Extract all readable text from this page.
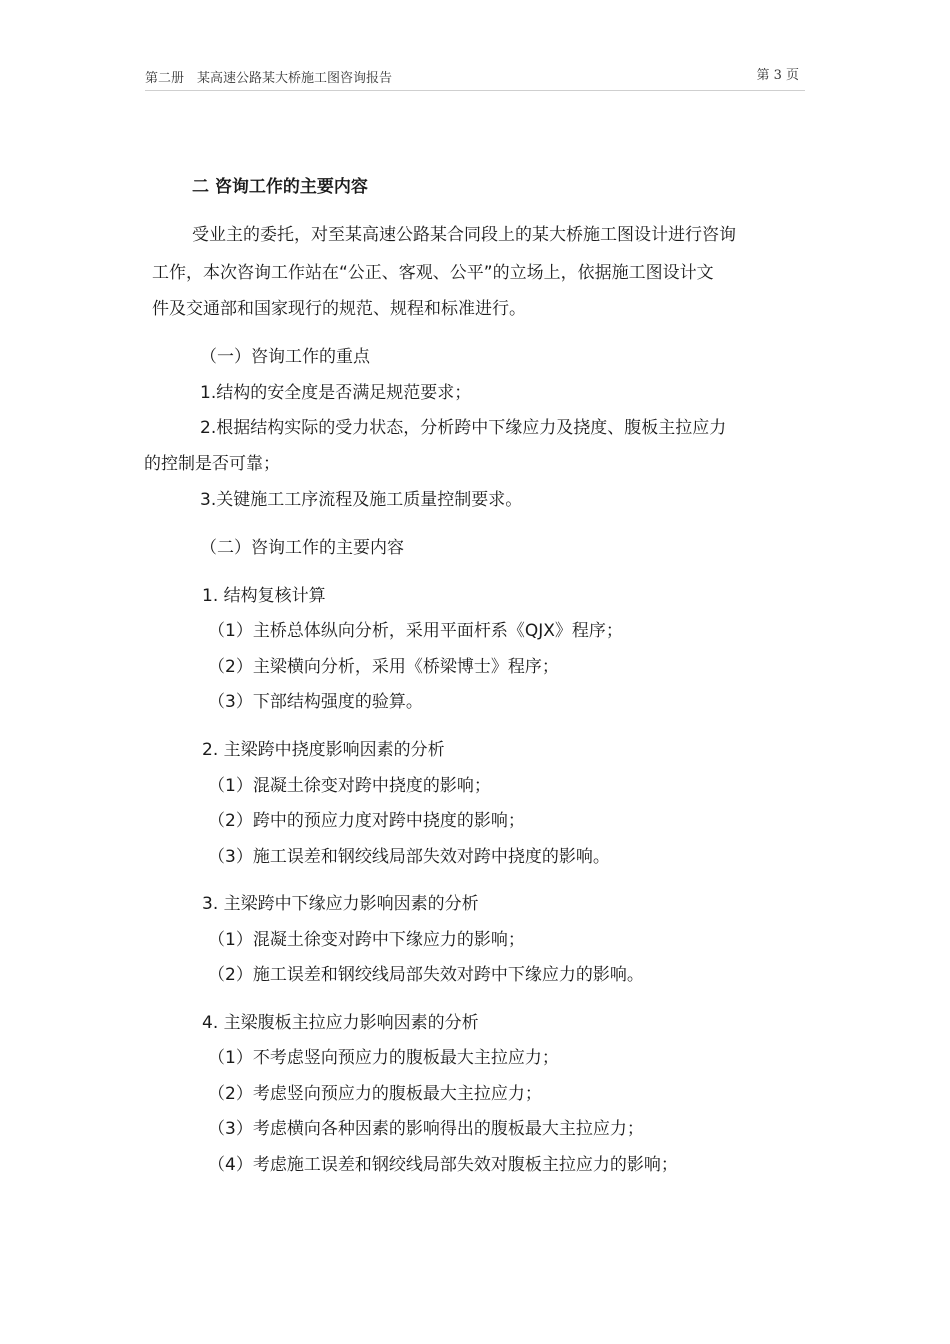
第二册　某高速公路某大桥施工图咨询报告	第 3 页
二 咨询工作的主要内容
受业主的委托，对至某高速公路某合同段上的某大桥施工图设计进行咨询
工作，本次咨询工作站在“公正、客观、公平”的立场上，依据施工图设计文
件及交通部和国家现行的规范、规程和标准进行。
（一）咨询工作的重点
1.结构的安全度是否满足规范要求；
2.根据结构实际的受力状态，分析跨中下缘应力及挠度、腹板主拉应力
的控制是否可靠；
3.关键施工工序流程及施工质量控制要求。
（二）咨询工作的主要内容
1. 结构复核计算
（1）主桥总体纵向分析，采用平面杆系《QJX》程序；
（2）主梁横向分析，采用《桥梁博士》程序；
（3）下部结构强度的验算。
2. 主梁跨中挠度影响因素的分析
（1）混凝土徐变对跨中挠度的影响；
（2）跨中的预应力度对跨中挠度的影响；
（3）施工误差和钢绞线局部失效对跨中挠度的影响。
3. 主梁跨中下缘应力影响因素的分析
（1）混凝土徐变对跨中下缘应力的影响；
（2）施工误差和钢绞线局部失效对跨中下缘应力的影响。
4. 主梁腹板主拉应力影响因素的分析
（1）不考虑竖向预应力的腹板最大主拉应力；
（2）考虑竖向预应力的腹板最大主拉应力；
（3）考虑横向各种因素的影响得出的腹板最大主拉应力；
（4）考虑施工误差和钢绞线局部失效对腹板主拉应力的影响；
